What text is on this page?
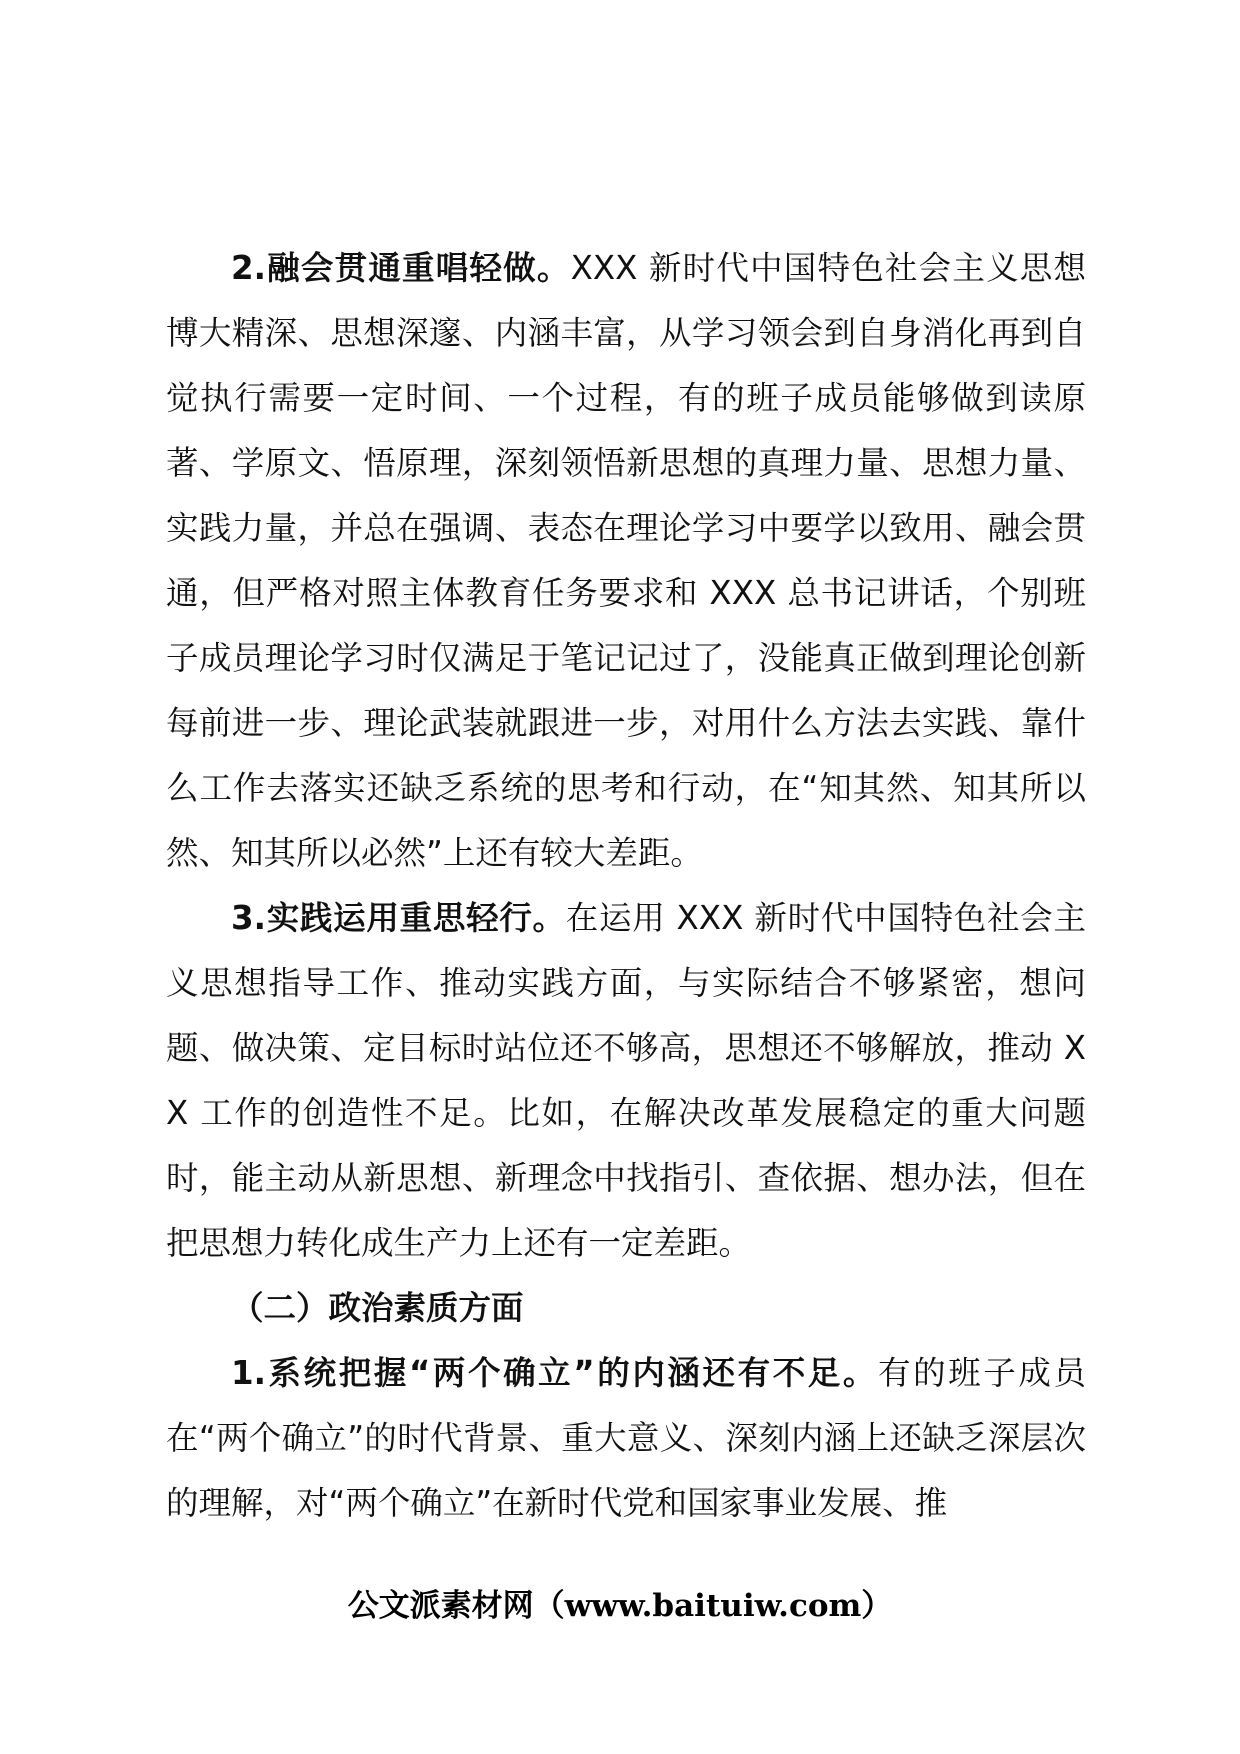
2.融会贯通重唱轻做。XXX 新时代中国特色社会主义思想博大精深、思想深邃、内涵丰富，从学习领会到自身消化再到自觉执行需要一定时间、一个过程，有的班子成员能够做到读原著、学原文、悟原理，深刻领悟新思想的真理力量、思想力量、实践力量，并总在强调、表态在理论学习中要学以致用、融会贯通，但严格对照主体教育任务要求和 XXX 总书记讲话，个别班子成员理论学习时仅满足于笔记记过了，没能真正做到理论创新每前进一步、理论武装就跟进一步，对用什么方法去实践、靠什么工作去落实还缺乏系统的思考和行动，在“知其然、知其所以然、知其所以必然”上还有较大差距。

3.实践运用重思轻行。在运用 XXX 新时代中国特色社会主义思想指导工作、推动实践方面，与实际结合不够紧密，想问题、做决策、定目标时站位还不够高，思想还不够解放，推动 XX 工作的创造性不足。比如，在解决改革发展稳定的重大问题时，能主动从新思想、新理念中找指引、查依据、想办法，但在把思想力转化成生产力上还有一定差距。

（二）政治素质方面

1.系统把握“两个确立”的内涵还有不足。有的班子成员在“两个确立”的时代背景、重大意义、深刻内涵上还缺乏深层次的理解，对“两个确立”在新时代党和国家事业发展、推

公文派素材网（www.baituiw.com）
